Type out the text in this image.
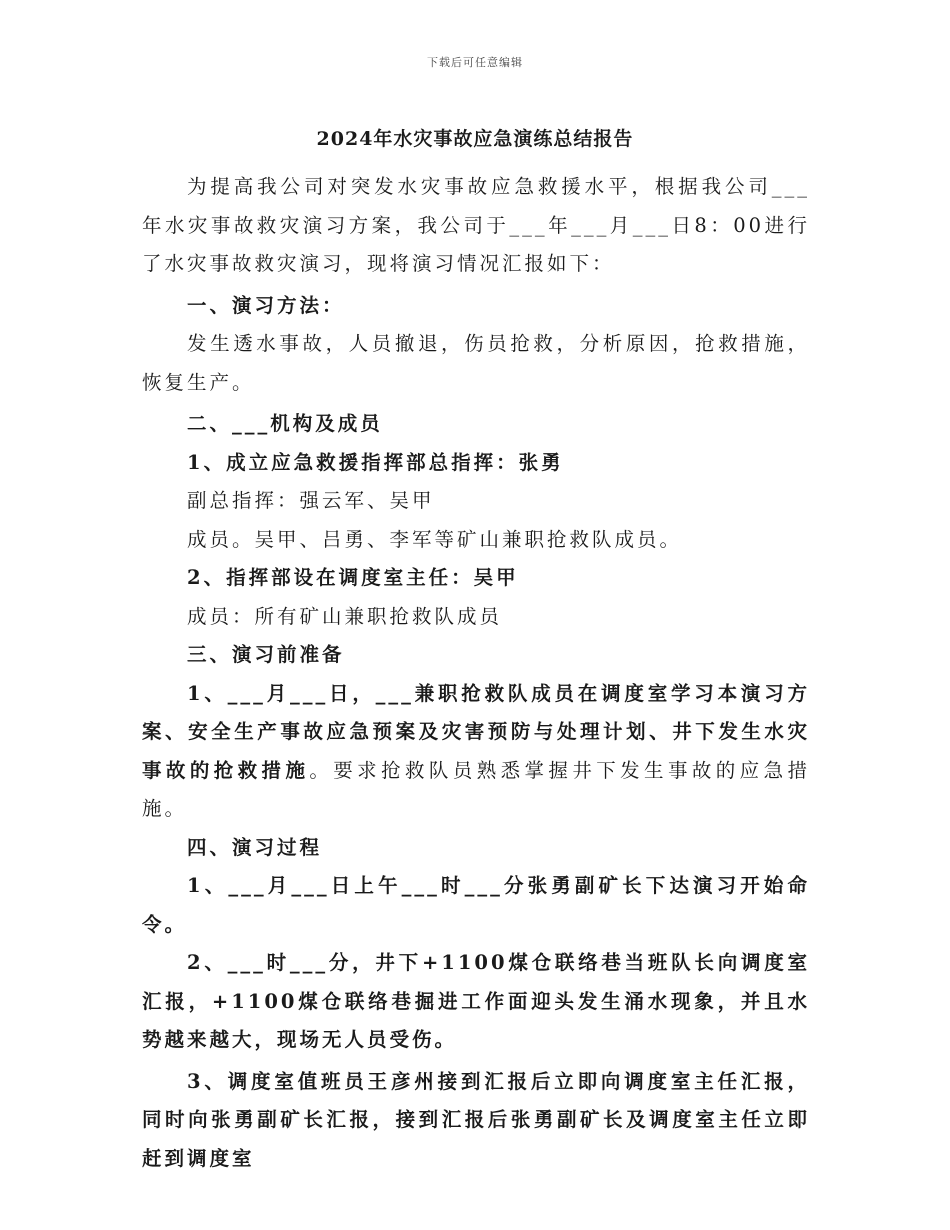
下载后可任意编辑
2024年水灾事故应急演练总结报告

为提高我公司对突发水灾事故应急救援水平，根据我公司___年水灾事故救灾演习方案，我公司于___年___月___日8：00进行了水灾事故救灾演习，现将演习情况汇报如下：

一、演习方法：

发生透水事故，人员撤退，伤员抢救，分析原因，抢救措施，恢复生产。

二、___机构及成员

1、成立应急救援指挥部总指挥：张勇

副总指挥：强云军、吴甲

成员。吴甲、吕勇、李军等矿山兼职抢救队成员。

2、指挥部设在调度室主任：吴甲

成员：所有矿山兼职抢救队成员

三、演习前准备

1、___月___日，___兼职抢救队成员在调度室学习本演习方案、安全生产事故应急预案及灾害预防与处理计划、井下发生水灾事故的抢救措施。要求抢救队员熟悉掌握井下发生事故的应急措施。

四、演习过程

1、___月___日上午___时___分张勇副矿长下达演习开始命令。

2、___时___分，井下+1100煤仓联络巷当班队长向调度室汇报，+1100煤仓联络巷掘进工作面迎头发生涌水现象，并且水势越来越大，现场无人员受伤。

3、调度室值班员王彦州接到汇报后立即向调度室主任汇报，同时向张勇副矿长汇报，接到汇报后张勇副矿长及调度室主任立即赶到调度室
